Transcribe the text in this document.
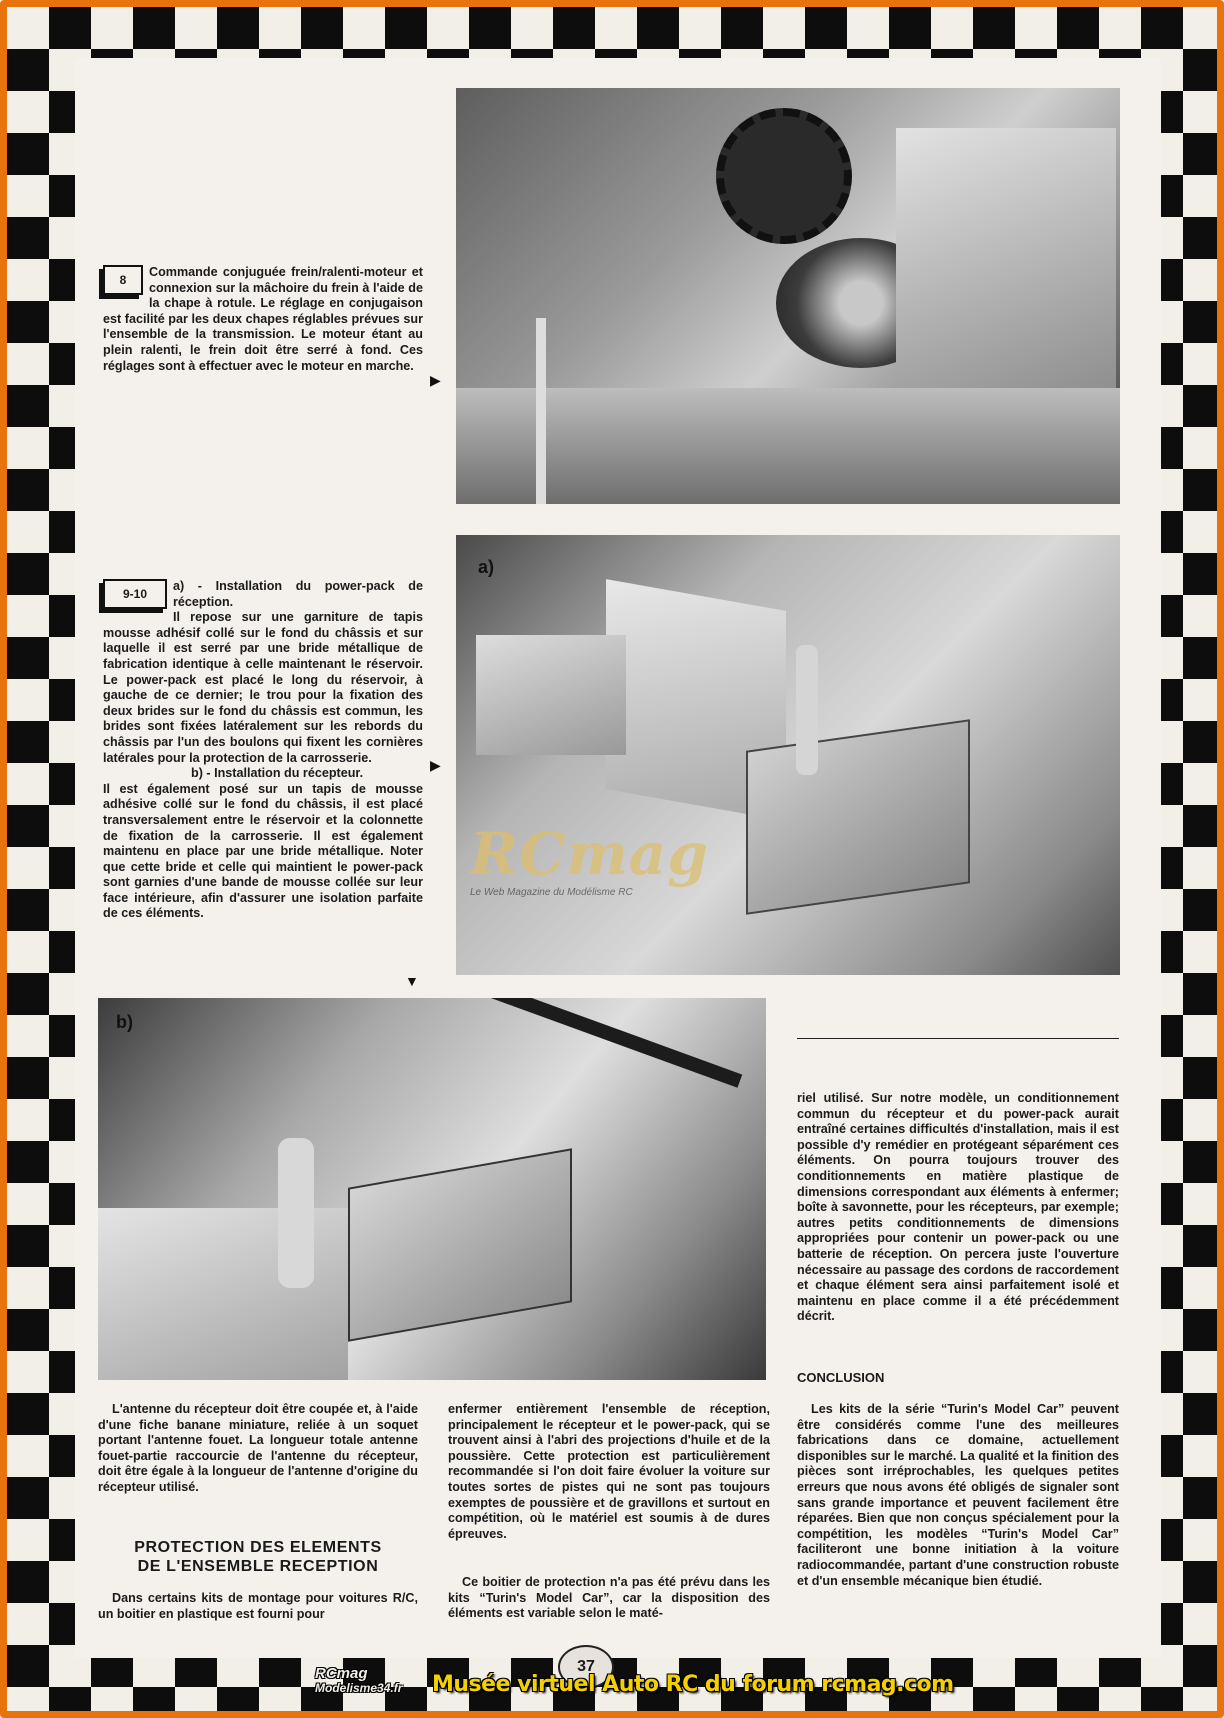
8

Commande conjuguée frein/ralenti-moteur et connexion sur la mâchoire du frein à l'aide de la chape à rotule. Le réglage en conjugaison est facilité par les deux chapes réglables prévues sur l'ensemble de la transmission. Le moteur étant au plein ralenti, le frein doit être serré à fond. Ces réglages sont à effectuer avec le moteur en marche.

▶
9-10

a) - Installation du power-pack de réception.

Il repose sur une garniture de tapis mousse adhésif collé sur le fond du châssis et sur laquelle il est serré par une bride métallique de fabrication identique à celle maintenant le réservoir. Le power-pack est placé le long du réservoir, à gauche de ce dernier; le trou pour la fixation des deux brides sur le fond du châssis est commun, les brides sont fixées latéralement sur les rebords du châssis par l'un des boulons qui fixent les cornières latérales pour la protection de la carrosserie.

b) - Installation du récepteur.

Il est également posé sur un tapis de mousse adhésive collé sur le fond du châssis, il est placé transversalement entre le réservoir et la colonnette de fixation de la carrosserie. Il est également maintenu en place par une bride métallique. Noter que cette bride et celle qui maintient le power-pack sont garnies d'une bande de mousse collée sur leur face intérieure, afin d'assurer une isolation parfaite de ces éléments.

▶
▼
a)
RCmag
Le Web Magazine du Modélisme RC
b)

riel utilisé. Sur notre modèle, un conditionnement commun du récepteur et du power-pack aurait entraîné certaines difficultés d'installation, mais il est possible d'y remédier en protégeant séparément ces éléments. On pourra toujours trouver des conditionnements en matière plastique de dimensions correspondant aux éléments à enfermer; boîte à savonnette, pour les récepteurs, par exemple; autres petits conditionnements de dimensions appropriées pour contenir un power-pack ou une batterie de réception. On percera juste l'ouverture nécessaire au passage des cordons de raccordement et chaque élément sera ainsi parfaitement isolé et maintenu en place comme il a été précédemment décrit.

CONCLUSION
Les kits de la série “Turin's Model Car” peuvent être considérés comme l'une des meilleures fabrications dans ce domaine, actuellement disponibles sur le marché. La qualité et la finition des pièces sont irréprochables, les quelques petites erreurs que nous avons été obligés de signaler sont sans grande importance et peuvent facilement être réparées. Bien que non conçus spécialement pour la compétition, les modèles “Turin's Model Car” faciliteront une bonne initiation à la voiture radiocommandée, partant d'une construction robuste et d'un ensemble mécanique bien étudié.
L'antenne du récepteur doit être coupée et, à l'aide d'une fiche banane miniature, reliée à un soquet portant l'antenne fouet. La longueur totale antenne fouet-partie raccourcie de l'antenne du récepteur, doit être égale à la longueur de l'antenne d'origine du récepteur utilisé.

PROTECTION DES ELEMENTS

DE L'ENSEMBLE RECEPTION

Dans certains kits de montage pour voitures R/C, un boitier en plastique est fourni pour
enfermer entièrement l'ensemble de réception, principalement le récepteur et le power-pack, qui se trouvent ainsi à l'abri des projections d'huile et de la poussière. Cette protection est particulièrement recommandée si l'on doit faire évoluer la voiture sur toutes sortes de pistes qui ne sont pas toujours exemptes de poussière et de gravillons et surtout en compétition, où le matériel est soumis à de dures épreuves.
Ce boitier de protection n'a pas été prévu dans les kits “Turin's Model Car”, car la disposition des éléments est variable selon le maté-
37
RCmag
Modelisme34.fr Musée virtuel Auto RC du forum rcmag.com
